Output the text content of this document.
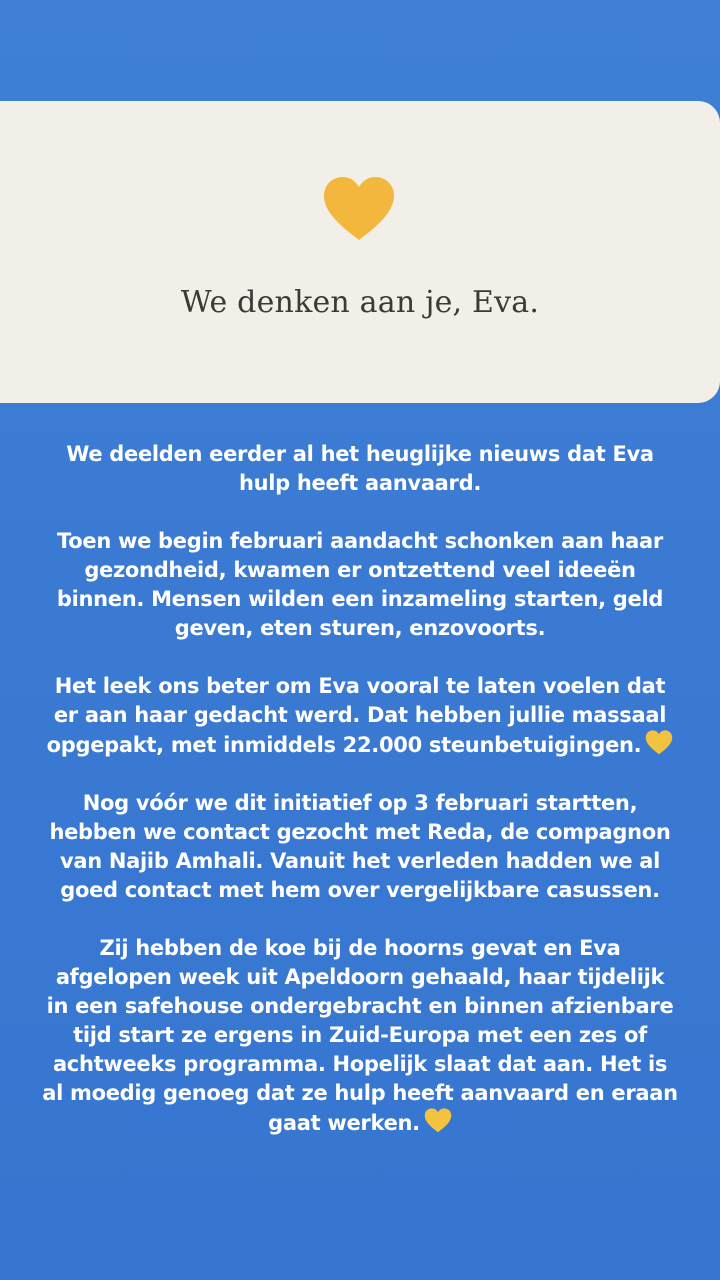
We denken aan je, Eva.
We deelden eerder al het heuglijke nieuws dat Eva
hulp heeft aanvaard.
Toen we begin februari aandacht schonken aan haar
gezondheid, kwamen er ontzettend veel ideeën
binnen. Mensen wilden een inzameling starten, geld
geven, eten sturen, enzovoorts.
Het leek ons beter om Eva vooral te laten voelen dat
er aan haar gedacht werd. Dat hebben jullie massaal
opgepakt, met inmiddels 22.000 steunbetuigingen.
Nog vóór we dit initiatief op 3 februari startten,
hebben we contact gezocht met Reda, de compagnon
van Najib Amhali. Vanuit het verleden hadden we al
goed contact met hem over vergelijkbare casussen.
Zij hebben de koe bij de hoorns gevat en Eva
afgelopen week uit Apeldoorn gehaald, haar tijdelijk
in een safehouse ondergebracht en binnen afzienbare
tijd start ze ergens in Zuid-Europa met een zes of
achtweeks programma. Hopelijk slaat dat aan. Het is
al moedig genoeg dat ze hulp heeft aanvaard en eraan
gaat werken.
